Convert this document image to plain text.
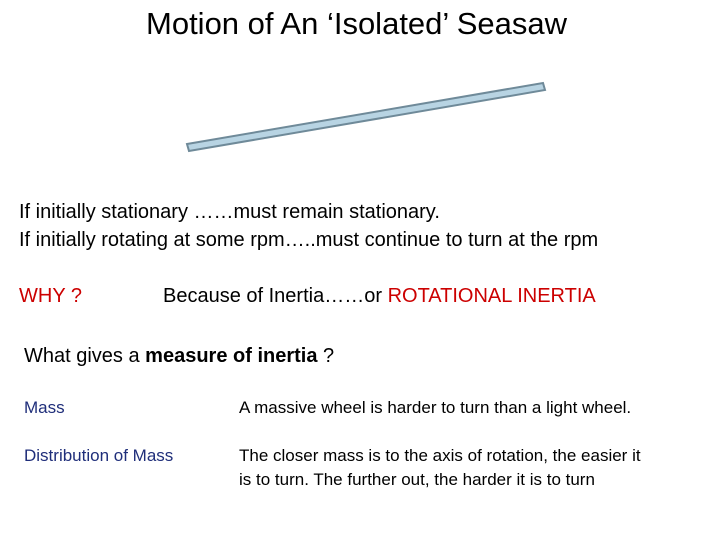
Motion of An ‘Isolated’ Seasaw
If initially stationary ……must remain stationary.
If initially rotating at some rpm…..must continue to turn at the rpm
WHY ?	Because of Inertia……or ROTATIONAL INERTIA
What gives a measure of inertia ?
Mass	A massive wheel is harder to turn than a light wheel.
Distribution of Mass	The closer mass is to the axis of rotation, the easier it
is to turn. The further out, the harder it is to turn
